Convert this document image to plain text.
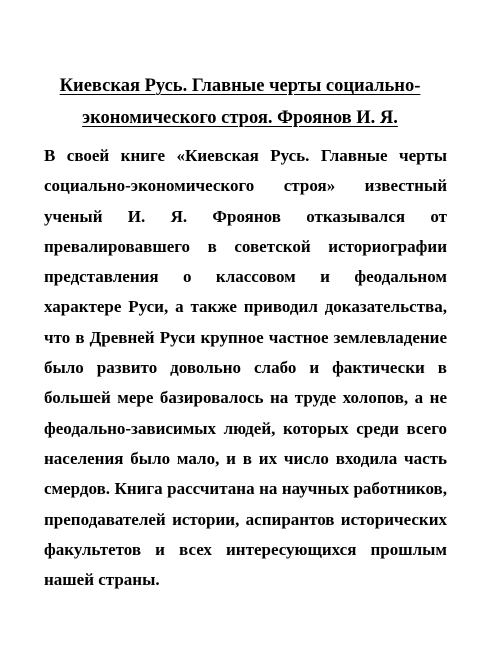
Киевская Русь. Главные черты социально-
экономического строя. Фроянов И. Я.
В своей книге «Киевская Русь. Главные черты
социально-экономического строя» известный
ученый И. Я. Фроянов отказывался от
превалировавшего в советской историографии
представления о классовом и феодальном
характере Руси, а также приводил доказательства,
что в Древней Руси крупное частное землевладение
было развито довольно слабо и фактически в
большей мере базировалось на труде холопов, а не
феодально-зависимых людей, которых среди всего
населения было мало, и в их число входила часть
смердов. Книга рассчитана на научных работников,
преподавателей истории, аспирантов исторических
факультетов и всех интересующихся прошлым
нашей страны.
